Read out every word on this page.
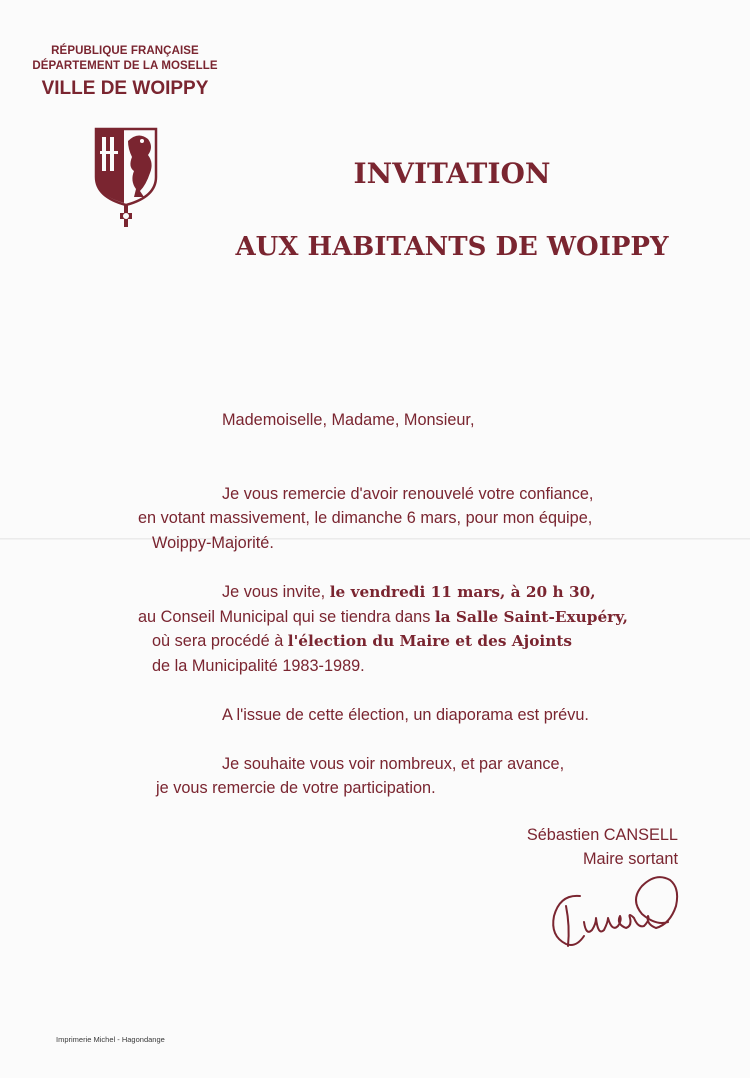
RÉPUBLIQUE FRANÇAISE
DÉPARTEMENT DE LA MOSELLE
VILLE DE WOIPPY
INVITATION
AUX HABITANTS DE WOIPPY
Mademoiselle, Madame, Monsieur,
Je vous remercie d'avoir renouvelé votre confiance,
en votant massivement, le dimanche 6 mars, pour mon équipe,
Woippy-Majorité.
Je vous invite, le vendredi 11 mars, à 20 h 30,
au Conseil Municipal qui se tiendra dans la Salle Saint-Exupéry,
où sera procédé à l'élection du Maire et des Ajoints
de la Municipalité 1983-1989.
A l'issue de cette élection, un diaporama est prévu.
Je souhaite vous voir nombreux, et par avance,
je vous remercie de votre participation.
Sébastien CANSELL
Maire sortant
Imprimerie Michel - Hagondange
